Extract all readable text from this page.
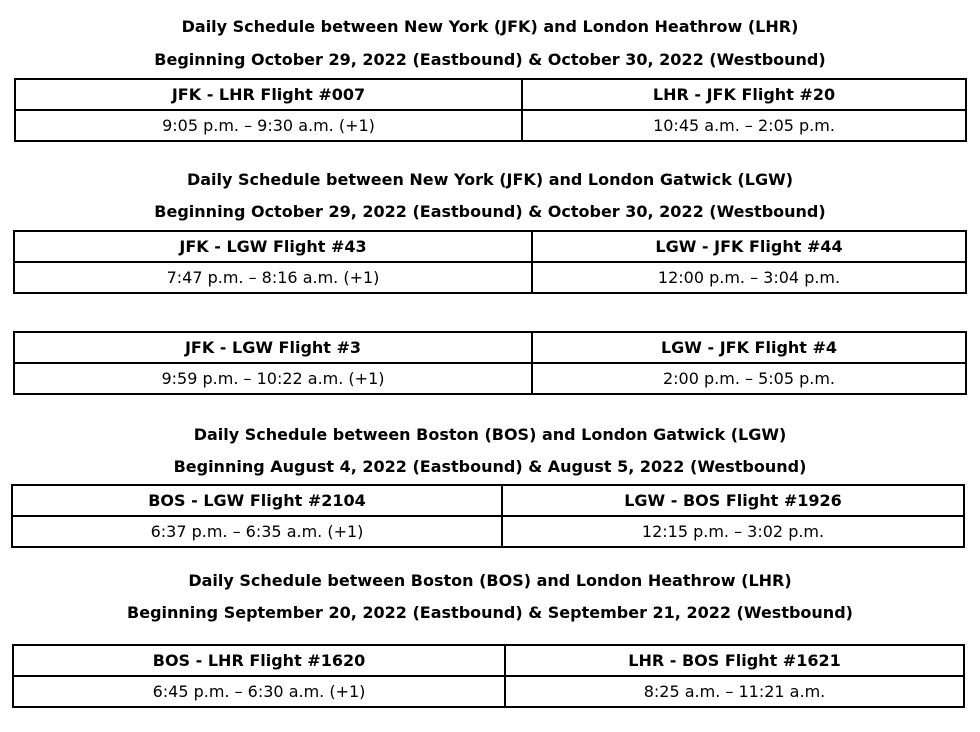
Daily Schedule between New York (JFK) and London Heathrow (LHR)
Beginning October 29, 2022 (Eastbound) & October 30, 2022 (Westbound)
JFK - LHR Flight #007	LHR - JFK Flight #20
9:05 p.m. – 9:30 a.m. (+1)	10:45 a.m. – 2:05 p.m.
Daily Schedule between New York (JFK) and London Gatwick (LGW)
Beginning October 29, 2022 (Eastbound) & October 30, 2022 (Westbound)
JFK - LGW Flight #43	LGW - JFK Flight #44
7:47 p.m. – 8:16 a.m. (+1)	12:00 p.m. – 3:04 p.m.
JFK - LGW Flight #3	LGW - JFK Flight #4
9:59 p.m. – 10:22 a.m. (+1)	2:00 p.m. – 5:05 p.m.
Daily Schedule between Boston (BOS) and London Gatwick (LGW)
Beginning August 4, 2022 (Eastbound) & August 5, 2022 (Westbound)
BOS - LGW Flight #2104	LGW - BOS Flight #1926
6:37 p.m. – 6:35 a.m. (+1)	12:15 p.m. – 3:02 p.m.
Daily Schedule between Boston (BOS) and London Heathrow (LHR)
Beginning September 20, 2022 (Eastbound) & September 21, 2022 (Westbound)
BOS - LHR Flight #1620	LHR - BOS Flight #1621
6:45 p.m. – 6:30 a.m. (+1)	8:25 a.m. – 11:21 a.m.
